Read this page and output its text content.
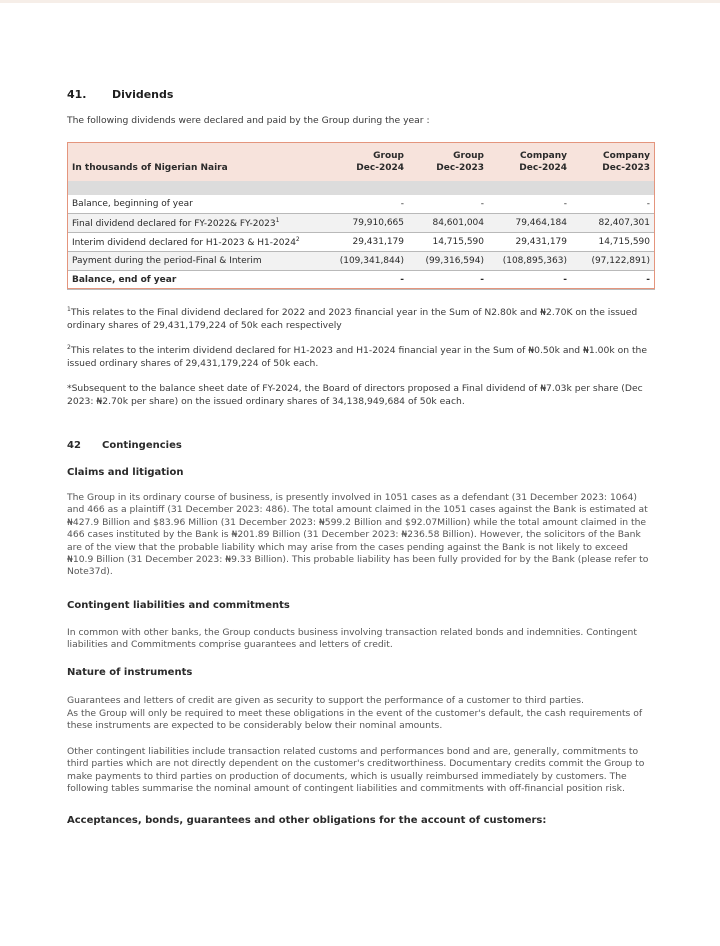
41. Dividends
The following dividends were declared and paid by the Group during the year :
	Group	Group	Company	Company
In thousands of Nigerian Naira	Dec-2024	Dec-2023	Dec-2024	Dec-2023

Balance, beginning of year	-	-	-	-
Final dividend declared for FY-2022& FY-2023$^1$	79,910,665	84,601,004	79,464,184	82,407,301
Interim dividend declared for H1-2023 & H1-2024$^2$	29,431,179	14,715,590	29,431,179	14,715,590
Payment during the period-Final & Interim	(109,341,844)	(99,316,594)	(108,895,363)	(97,122,891)
Balance, end of year	-	-	-	-
$^1$This relates to the Final dividend declared for 2022 and 2023 financial year in the Sum of N2.80k and ₦2.70K on the issued ordinary shares of 29,431,179,224 of 50k each respectively
$^2$This relates to the interim dividend declared for H1-2023 and H1-2024 financial year in the Sum of ₦0.50k and ₦1.00k on the issued ordinary shares of 29,431,179,224 of 50k each.
*Subsequent to the balance sheet date of FY-2024, the Board of directors proposed a Final dividend of ₦7.03k per share (Dec 2023: ₦2.70k per share) on the issued ordinary shares of 34,138,949,684 of 50k each.
42 Contingencies
Claims and litigation
The Group in its ordinary course of business, is presently involved in 1051 cases as a defendant (31 December 2023: 1064) and 466 as a plaintiff (31 December 2023: 486). The total amount claimed in the 1051 cases against the Bank is estimated at ₦427.9 Billion and $83.96 Million (31 December 2023: ₦599.2 Billion and $92.07Million) while the total amount claimed in the 466 cases instituted by the Bank is ₦201.89 Billion (31 December 2023: ₦236.58 Billion). However, the solicitors of the Bank are of the view that the probable liability which may arise from the cases pending against the Bank is not likely to exceed ₦10.9 Billion (31 December 2023: ₦9.33 Billion). This probable liability has been fully provided for by the Bank (please refer to Note37d).
Contingent liabilities and commitments
In common with other banks, the Group conducts business involving transaction related bonds and indemnities. Contingent liabilities and Commitments comprise guarantees and letters of credit.
Nature of instruments
Guarantees and letters of credit are given as security to support the performance of a customer to third parties.
As the Group will only be required to meet these obligations in the event of the customer's default, the cash requirements of these instruments are expected to be considerably below their nominal amounts.
Other contingent liabilities include transaction related customs and performances bond and are, generally, commitments to third parties which are not directly dependent on the customer's creditworthiness. Documentary credits commit the Group to make payments to third parties on production of documents, which is usually reimbursed immediately by customers. The following tables summarise the nominal amount of contingent liabilities and commitments with off-financial position risk.
Acceptances, bonds, guarantees and other obligations for the account of customers:
